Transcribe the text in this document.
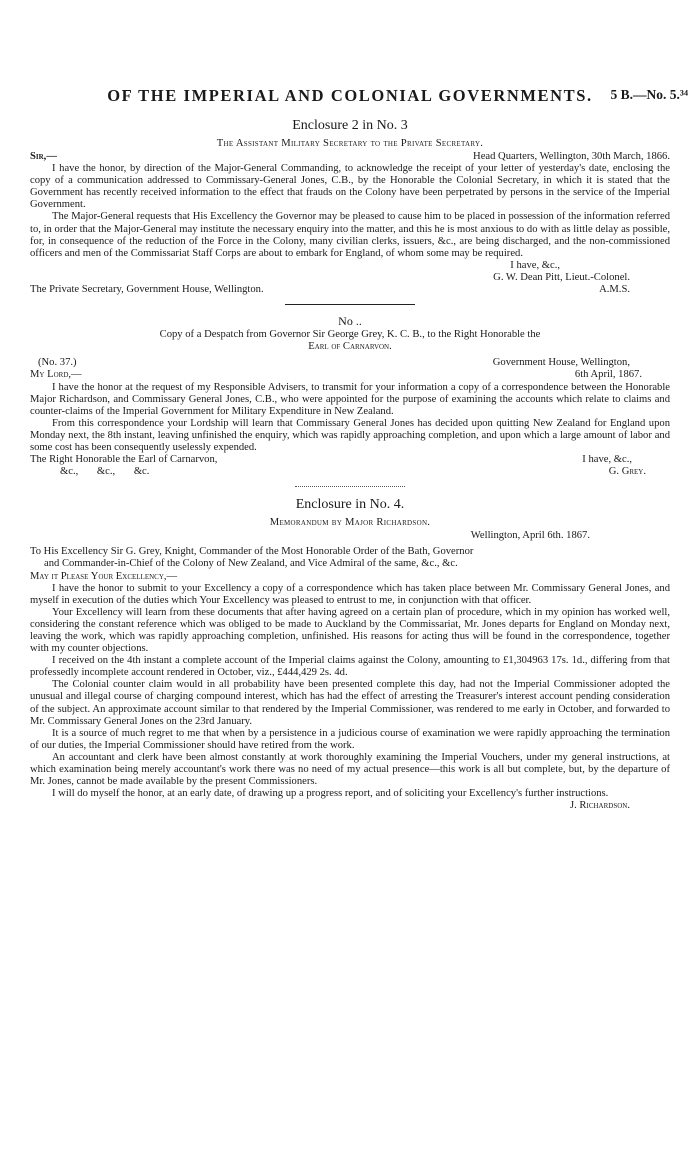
OF THE IMPERIAL AND COLONIAL GOVERNMENTS.	5 B.—No. 5.³⁴
Enclosure 2 in No. 3
The Assistant Military Secretary to the Private Secretary.
Sir,—	Head Quarters, Wellington, 30th March, 1866.

I have the honor, by direction of the Major-General Commanding, to acknowledge the receipt of your letter of yesterday's date, enclosing the copy of a communication addressed to Commissary-General Jones, C.B., by the Honorable the Colonial Secretary, in which it is stated that the Government has recently received information to the effect that frauds on the Colony have been perpetrated by persons in the service of the Imperial Government.

The Major-General requests that His Excellency the Governor may be pleased to cause him to be placed in possession of the information referred to, in order that the Major-General may institute the necessary enquiry into the matter, and this he is most anxious to do with as little delay as possible, for, in consequence of the reduction of the Force in the Colony, many civilian clerks, issuers, &c., are being discharged, and the non-commissioned officers and men of the Commissariat Staff Corps are about to embark for England, of whom some may be required.

I have, &c.,
G. W. Dean Pitt, Lieut.-Colonel.
The Private Secretary, Government House, Wellington.	A.M.S.
No ..
Copy of a Despatch from Governor Sir George Grey, K. C. B., to the Right Honorable the
Earl of Carnarvon.
(No. 37.)	Government House, Wellington,
My Lord,—	6th April, 1867.

I have the honor at the request of my Responsible Advisers, to transmit for your information a copy of a correspondence between the Honorable Major Richardson, and Commissary General Jones, C.B., who were appointed for the purpose of examining the accounts which relate to claims and counter-claims of the Imperial Government for Military Expenditure in New Zealand.

From this correspondence your Lordship will learn that Commissary General Jones has decided upon quitting New Zealand for England upon Monday next, the 8th instant, leaving unfinished the enquiry, which was rapidly approaching completion, and upon which a large amount of labor and some cost has been consequently uselessly expended.

The Right Honorable the Earl of Carnarvon,	I have, &c.,
&c., &c., &c.	G. Grey.
Enclosure in No. 4.
Memorandum by Major Richardson.
Wellington, April 6th. 1867.
To His Excellency Sir G. Grey, Knight, Commander of the Most Honorable Order of the Bath, Governor
and Commander-in-Chief of the Colony of New Zealand, and Vice Admiral of the same, &c., &c.
May it Please Your Excellency,—

I have the honor to submit to your Excellency a copy of a correspondence which has taken place between Mr. Commissary General Jones, and myself in execution of the duties which Your Excellency was pleased to entrust to me, in conjunction with that officer.

Your Excellency will learn from these documents that after having agreed on a certain plan of procedure, which in my opinion has worked well, considering the constant reference which was obliged to be made to Auckland by the Commissariat, Mr. Jones departs for England on Monday next, leaving the work, which was rapidly approaching completion, unfinished. His reasons for acting thus will be found in the correspondence, together with my counter objections.

I received on the 4th instant a complete account of the Imperial claims against the Colony, amounting to £1,304963 17s. 1d., differing from that professedly incomplete account rendered in October, viz., £444,429 2s. 4d.

The Colonial counter claim would in all probability have been presented complete this day, had not the Imperial Commissioner adopted the unusual and illegal course of charging compound interest, which has had the effect of arresting the Treasurer's interest account pending consideration of the subject. An approximate account similar to that rendered by the Imperial Commissioner, was rendered to me early in October, and forwarded to Mr. Commissary General Jones on the 23rd January.

It is a source of much regret to me that when by a persistence in a judicious course of examination we were rapidly approaching the termination of our duties, the Imperial Commissioner should have retired from the work.

An accountant and clerk have been almost constantly at work thoroughly examining the Imperial Vouchers, under my general instructions, at which examination being merely accountant's work there was no need of my actual presence—this work is all but complete, but, by the departure of Mr. Jones, cannot be made available by the present Commissioners.

I will do myself the honor, at an early date, of drawing up a progress report, and of soliciting your Excellency's further instructions.

J. Richardson.
